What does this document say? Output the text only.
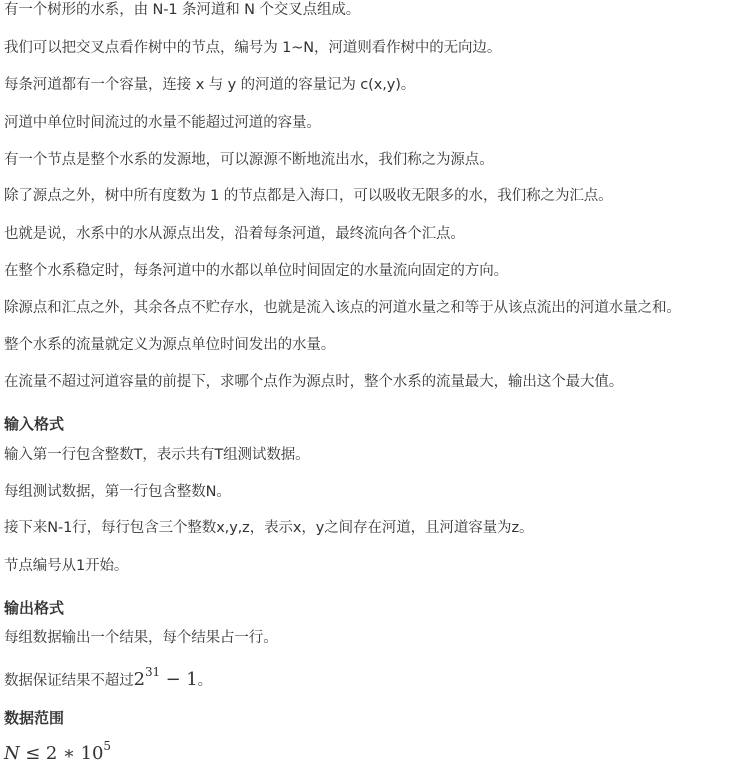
有一个树形的水系，由 N-1 条河道和 N 个交叉点组成。
我们可以把交叉点看作树中的节点，编号为 1~N，河道则看作树中的无向边。
每条河道都有一个容量，连接 x 与 y 的河道的容量记为 c(x,y)。
河道中单位时间流过的水量不能超过河道的容量。
有一个节点是整个水系的发源地，可以源源不断地流出水，我们称之为源点。
除了源点之外，树中所有度数为 1 的节点都是入海口，可以吸收无限多的水，我们称之为汇点。
也就是说，水系中的水从源点出发，沿着每条河道，最终流向各个汇点。
在整个水系稳定时，每条河道中的水都以单位时间固定的水量流向固定的方向。
除源点和汇点之外，其余各点不贮存水，也就是流入该点的河道水量之和等于从该点流出的河道水量之和。
整个水系的流量就定义为源点单位时间发出的水量。
在流量不超过河道容量的前提下，求哪个点作为源点时，整个水系的流量最大，输出这个最大值。
输入格式
输入第一行包含整数T，表示共有T组测试数据。
每组测试数据，第一行包含整数N。
接下来N-1行，每行包含三个整数x,y,z，表示x，y之间存在河道，且河道容量为z。
节点编号从1开始。
输出格式
每组数据输出一个结果，每个结果占一行。
数据保证结果不超过$2^{31} - 1$。
数据范围
N ≤ 2 ∗ $10^5$
